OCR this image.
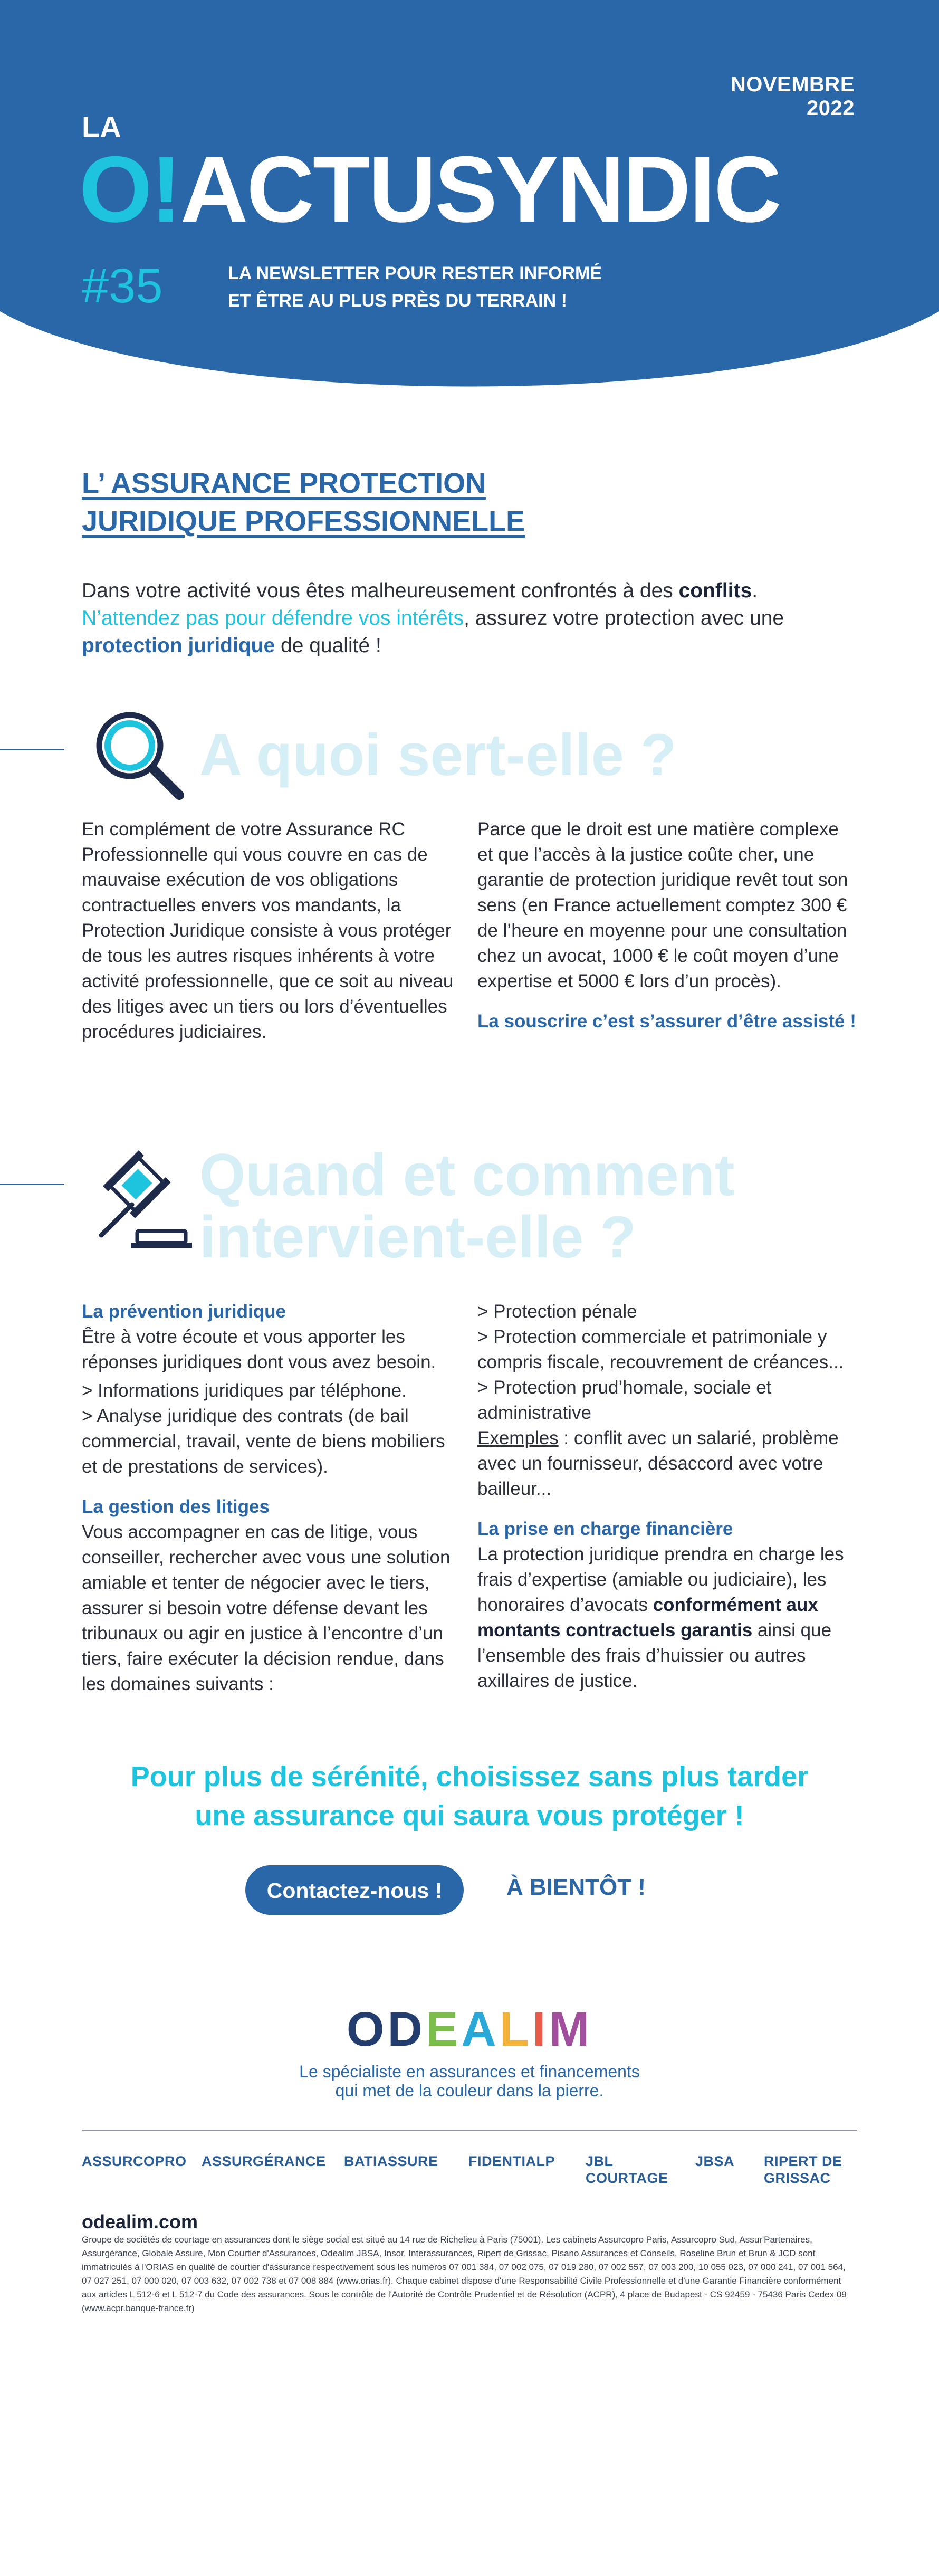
NOVEMBRE 2022
LA
O!ACTUSYNDIC
#35	LA NEWSLETTER POUR RESTER INFORMÉ
ET ÊTRE AU PLUS PRÈS DU TERRAIN !
L’ ASSURANCE PROTECTION
JURIDIQUE PROFESSIONNELLE
Dans votre activité vous êtes malheureusement confrontés à des conflits.
N’attendez pas pour défendre vos intérêts, assurez votre protection avec une
protection juridique de qualité !
A quoi sert-elle ?
En complément de votre Assurance RC Professionnelle qui vous couvre en cas de mauvaise exécution de vos obligations contractuelles envers vos mandants, la Protection Juridique consiste à vous protéger de tous les autres risques inhérents à votre activité professionnelle, que ce soit au niveau des litiges avec un tiers ou lors d’éventuelles procédures judiciaires.

Parce que le droit est une matière complexe et que l’accès à la justice coûte cher, une garantie de protection juridique revêt tout son sens (en France actuellement comptez 300 € de l’heure en moyenne pour une consultation chez un avocat, 1000 € le coût moyen d’une expertise et 5000 € lors d’un procès).

La souscrire c’est s’assurer d’être assisté !

Quand et comment
intervient-elle ?

La prévention juridique

Être à votre écoute et vous apporter les réponses juridiques dont vous avez besoin.

> Informations juridiques par téléphone.

> Analyse juridique des contrats (de bail commercial, travail, vente de biens mobiliers et de prestations de services).

La gestion des litiges

Vous accompagner en cas de litige, vous conseiller, rechercher avec vous une solution amiable et tenter de négocier avec le tiers, assurer si besoin votre défense devant les tribunaux ou agir en justice à l’encontre d’un tiers, faire exécuter la décision rendue, dans les domaines suivants :

> Protection pénale

> Protection commerciale et patrimoniale y compris fiscale, recouvrement de créances...

> Protection prud’homale, sociale et administrative

Exemples : conflit avec un salarié, problème avec un fournisseur, désaccord avec votre bailleur...

La prise en charge financière

La protection juridique prendra en charge les frais d’expertise (amiable ou judiciaire), les honoraires d’avocats conformément aux montants contractuels garantis ainsi que l’ensemble des frais d’huissier ou autres axillaires de justice.

Pour plus de sérénité, choisissez sans plus tarder
une assurance qui saura vous protéger !
Contactez-nous !	À BIENTÔT !
ODEALIM
Le spécialiste en assurances et financements
qui met de la couleur dans la pierre.
ASSURCOPRO ASSURGÉRANCE BATIASSURE FIDENTIALP JBL COURTAGE
JBSA RIPERT DE GRISSAC
odealim.com
Groupe de sociétés de courtage en assurances dont le siège social est situé au 14 rue de Richelieu à Paris (75001). Les cabinets Assurcopro Paris, Assurcopro Sud, Assur'Partenaires, Assurgérance, Globale Assure, Mon Courtier d'Assurances, Odealim JBSA, Insor, Interassurances, Ripert de Grissac, Pisano Assurances et Conseils, Roseline Brun et Brun & JCD sont immatriculés à l'ORIAS en qualité de courtier d'assurance respectivement sous les numéros 07 001 384, 07 002 075, 07 019 280, 07 002 557, 07 003 200, 10 055 023, 07 000 241, 07 001 564, 07 027 251, 07 000 020, 07 003 632, 07 002 738 et 07 008 884 (www.orias.fr). Chaque cabinet dispose d'une Responsabilité Civile Professionnelle et d'une Garantie Financière conformément aux articles L 512-6 et L 512-7 du Code des assurances. Sous le contrôle de l'Autorité de Contrôle Prudentiel et de Résolution (ACPR), 4 place de Budapest - CS 92459 - 75436 Paris Cedex 09 (www.acpr.banque-france.fr)
